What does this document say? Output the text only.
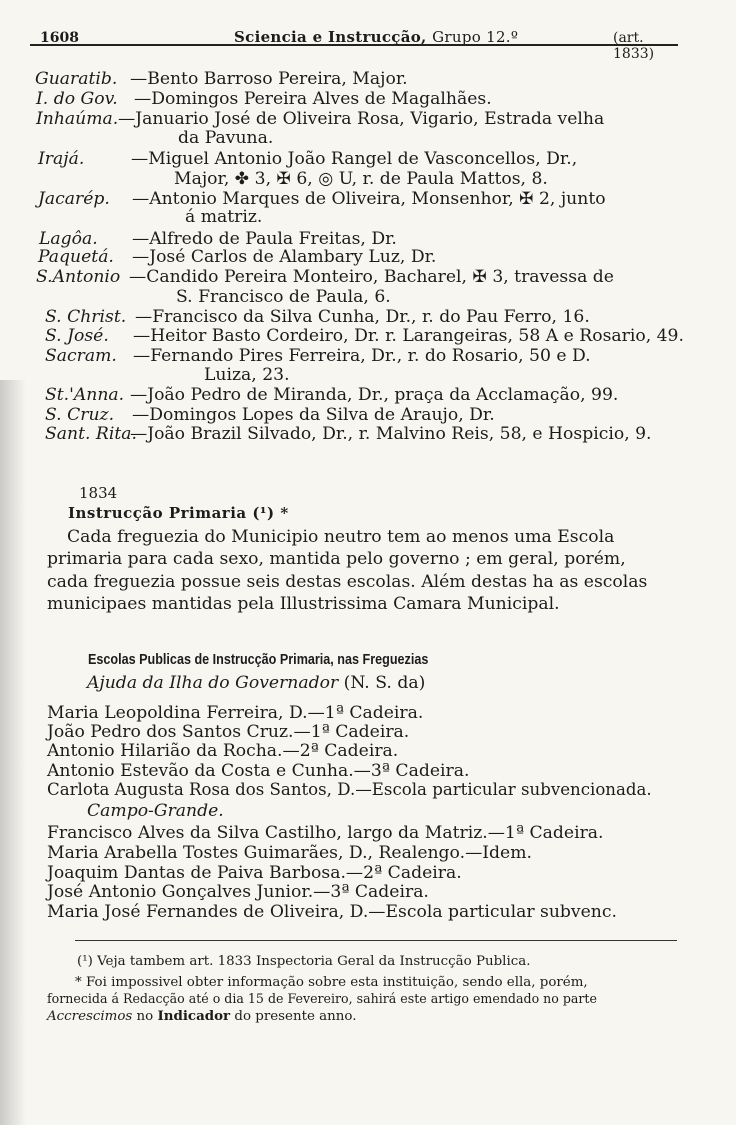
1608	Sciencia e Instrucção, Grupo 12.º	(art. 1833)
Guaratib. —Bento Barroso Pereira, Major.
I. do Gov. —Domingos Pereira Alves de Magalhães.
Inhaúma. —Januario José de Oliveira Rosa, Vigario, Estrada velha
da Pavuna.
Irajá.	—Miguel Antonio João Rangel de Vasconcellos, Dr.,
Major, ✤ 3, ✠ 6, ◎ U, r. de Paula Mattos, 8.
Jacarép. —Antonio Marques de Oliveira, Monsenhor, ✠ 2, junto
á matriz.
Lagôa. —Alfredo de Paula Freitas, Dr.
Paquetá. —José Carlos de Alambary Luz, Dr.
S.Antonio —Candido Pereira Monteiro, Bacharel, ✠ 3, travessa de
S. Francisco de Paula, 6.
S. Christ. —Francisco da Silva Cunha, Dr., r. do Pau Ferro, 16.
S. José. —Heitor Basto Cordeiro, Dr. r. Larangeiras, 58 A e Rosario, 49.
Sacram. —Fernando Pires Ferreira, Dr., r. do Rosario, 50 e D.
Luiza, 23.
St.'Anna. —João Pedro de Miranda, Dr., praça da Acclamação, 99.
S. Cruz. —Domingos Lopes da Silva de Araujo, Dr.
Sant. Rita.
—João Brazil Silvado, Dr., r. Malvino Reis, 58, e Hospicio, 9.
1834
Instrucção Primaria (¹) *
Cada freguezia do Municipio neutro tem ao menos uma Escola
primaria para cada sexo, mantida pelo governo ; em geral, porém,
cada freguezia possue seis destas escolas. Além destas ha as escolas
municipaes mantidas pela Illustrissima Camara Municipal.
Escolas Publicas de Instrucção Primaria, nas Freguezias
Ajuda da Ilha do Governador (N. S. da)
Maria Leopoldina Ferreira, D.—1ª Cadeira.
João Pedro dos Santos Cruz.—1ª Cadeira.
Antonio Hilarião da Rocha.—2ª Cadeira.
Antonio Estevão da Costa e Cunha.—3ª Cadeira.
Carlota Augusta Rosa dos Santos, D.—Escola particular subvencionada.
Campo-Grande.
Francisco Alves da Silva Castilho, largo da Matriz.—1ª Cadeira.
Maria Arabella Tostes Guimarães, D., Realengo.—Idem.
Joaquim Dantas de Paiva Barbosa.—2ª Cadeira.
José Antonio Gonçalves Junior.—3ª Cadeira.
Maria José Fernandes de Oliveira, D.—Escola particular subvenc.
(¹) Veja tambem art. 1833 Inspectoria Geral da Instrucção Publica.
* Foi impossivel obter informação sobre esta instituição, sendo ella, porém,
fornecida á Redacção até o dia 15 de Fevereiro, sahirá este artigo emendado no parte
Accrescimos no Indicador do presente anno.
